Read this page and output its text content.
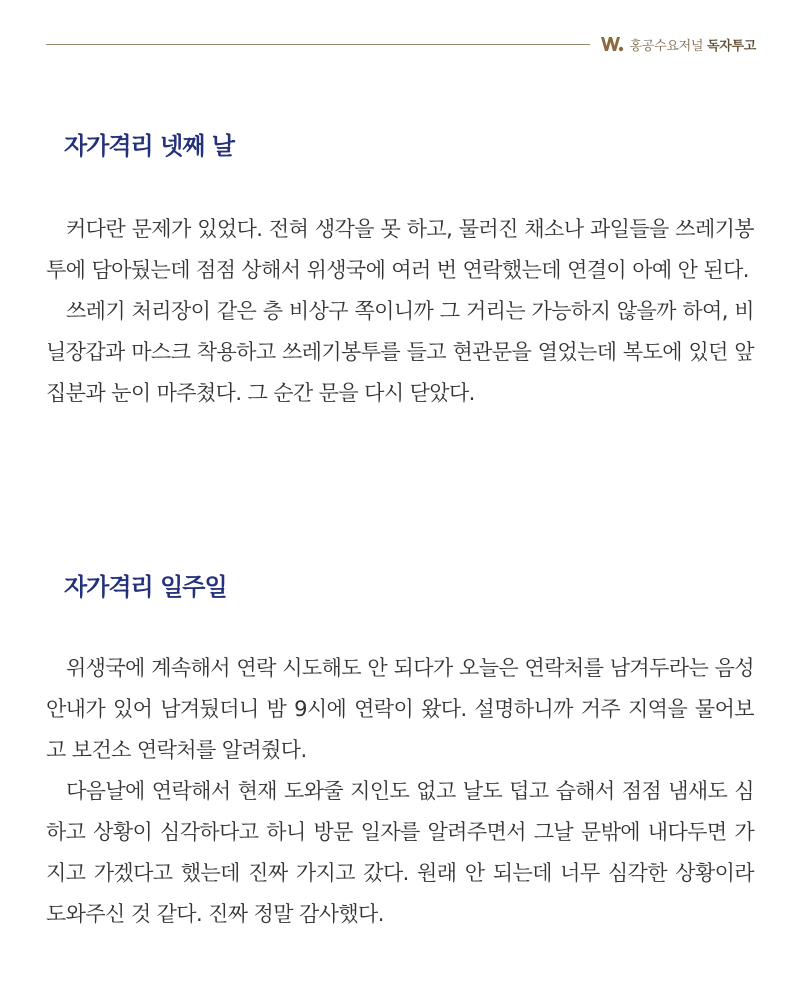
홍공수요저널 독자투고
자가격리 넷째 날

커다란 문제가 있었다. 전혀 생각을 못 하고, 물러진 채소나 과일들을 쓰레기봉투에 담아뒀는데 점점 상해서 위생국에 여러 번 연락했는데 연결이 아예 안 된다.

쓰레기 처리장이 같은 층 비상구 쪽이니까 그 거리는 가능하지 않을까 하여, 비닐장갑과 마스크 착용하고 쓰레기봉투를 들고 현관문을 열었는데 복도에 있던 앞집분과 눈이 마주쳤다. 그 순간 문을 다시 닫았다.

자가격리 일주일

위생국에 계속해서 연락 시도해도 안 되다가 오늘은 연락처를 남겨두라는 음성안내가 있어 남겨뒀더니 밤 9시에 연락이 왔다. 설명하니까 거주 지역을 물어보고 보건소 연락처를 알려줬다.

다음날에 연락해서 현재 도와줄 지인도 없고 날도 덥고 습해서 점점 냄새도 심하고 상황이 심각하다고 하니 방문 일자를 알려주면서 그날 문밖에 내다두면 가지고 가겠다고 했는데 진짜 가지고 갔다. 원래 안 되는데 너무 심각한 상황이라 도와주신 것 같다. 진짜 정말 감사했다.
